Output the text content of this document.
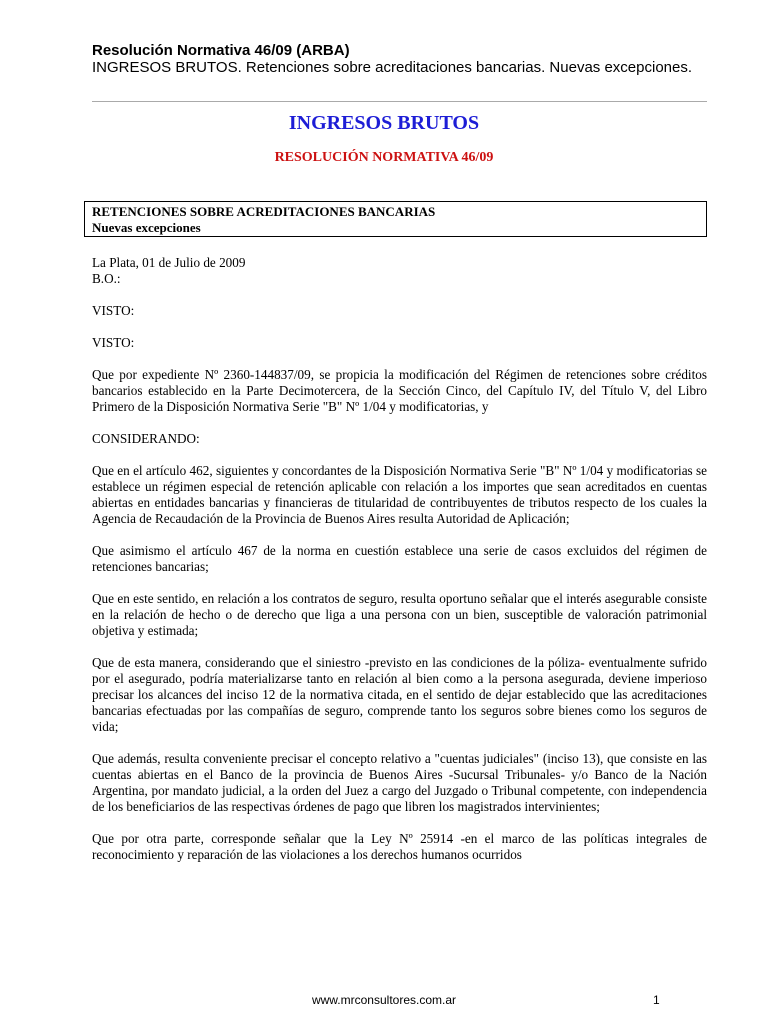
Resolución Normativa 46/09 (ARBA)
INGRESOS BRUTOS. Retenciones sobre acreditaciones bancarias. Nuevas excepciones.
INGRESOS BRUTOS
RESOLUCIÓN NORMATIVA 46/09
RETENCIONES SOBRE ACREDITACIONES BANCARIAS
Nuevas excepciones

La Plata, 01 de Julio de 2009

B.O.:

VISTO:

VISTO:

Que por expediente Nº 2360-144837/09, se propicia la modificación del Régimen de retenciones sobre créditos bancarios establecido en la Parte Decimotercera, de la Sección Cinco, del Capítulo IV, del Título V, del Libro Primero de la Disposición Normativa Serie "B" Nº 1/04 y modificatorias, y

CONSIDERANDO:

Que en el artículo 462, siguientes y concordantes de la Disposición Normativa Serie "B" Nº 1/04 y modificatorias se establece un régimen especial de retención aplicable con relación a los importes que sean acreditados en cuentas abiertas en entidades bancarias y financieras de titularidad de contribuyentes de tributos respecto de los cuales la Agencia de Recaudación de la Provincia de Buenos Aires resulta Autoridad de Aplicación;

Que asimismo el artículo 467 de la norma en cuestión establece una serie de casos excluidos del régimen de retenciones bancarias;

Que en este sentido, en relación a los contratos de seguro, resulta oportuno señalar que el interés asegurable consiste en la relación de hecho o de derecho que liga a una persona con un bien, susceptible de valoración patrimonial objetiva y estimada;

Que de esta manera, considerando que el siniestro -previsto en las condiciones de la póliza- eventualmente sufrido por el asegurado, podría materializarse tanto en relación al bien como a la persona asegurada, deviene imperioso precisar los alcances del inciso 12 de la normativa citada, en el sentido de dejar establecido que las acreditaciones bancarias efectuadas por las compañías de seguro, comprende tanto los seguros sobre bienes como los seguros de vida;

Que además, resulta conveniente precisar el concepto relativo a "cuentas judiciales" (inciso 13), que consiste en las cuentas abiertas en el Banco de la provincia de Buenos Aires -Sucursal Tribunales- y/o Banco de la Nación Argentina, por mandato judicial, a la orden del Juez a cargo del Juzgado o Tribunal competente, con independencia de los beneficiarios de las respectivas órdenes de pago que libren los magistrados intervinientes;

Que por otra parte, corresponde señalar que la Ley Nº 25914 -en el marco de las políticas integrales de reconocimiento y reparación de las violaciones a los derechos humanos ocurridos

www.mrconsultores.com.ar	1
